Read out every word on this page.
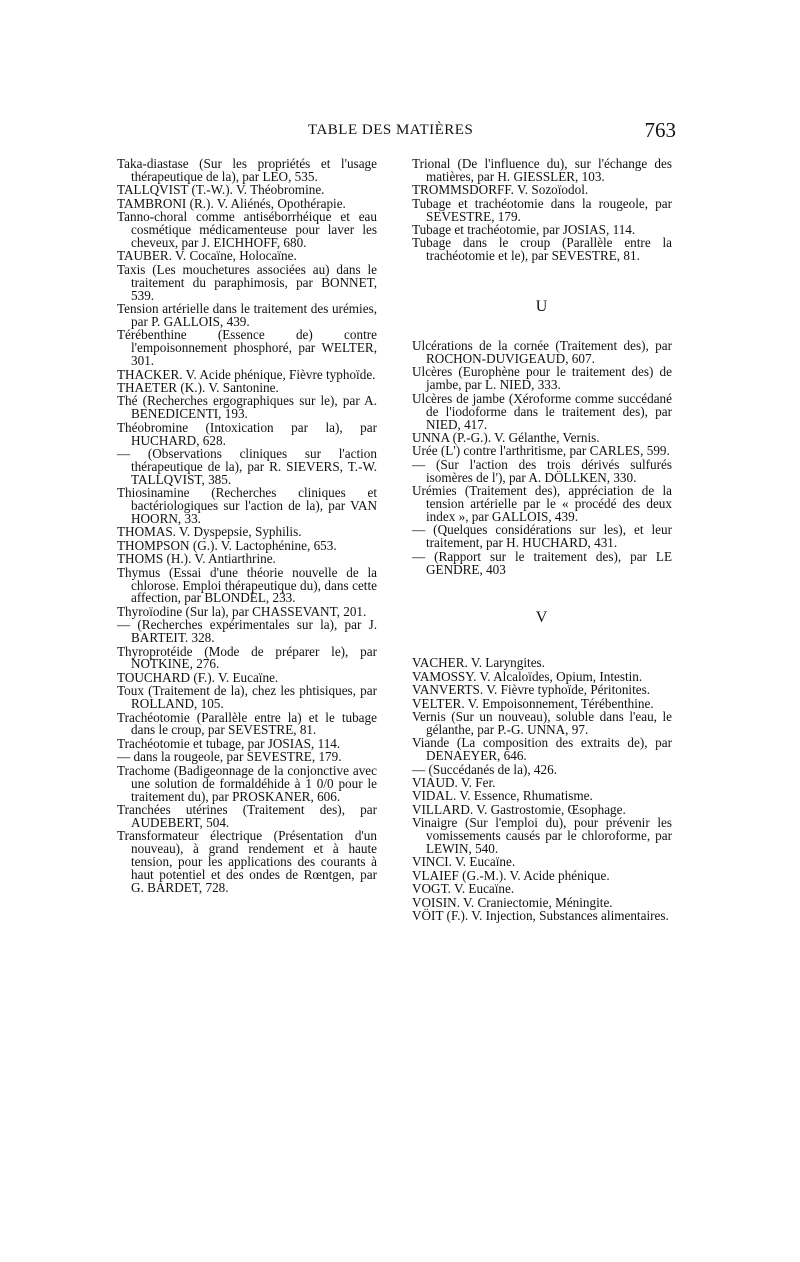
TABLE DES MATIÈRES	763

Taka-diastase (Sur les propriétés et l'usage thérapeutique de la), par LEO, 535.

TALLQVIST (T.-W.). V. Théobromine.

TAMBRONI (R.). V. Aliénés, Opothérapie.

Tanno-choral comme antiséborrhéique et eau cosmétique médicamenteuse pour laver les cheveux, par J. EICHHOFF, 680.

TAUBER. V. Cocaïne, Holocaïne.

Taxis (Les mouchetures associées au) dans le traitement du paraphimosis, par BONNET, 539.

Tension artérielle dans le traitement des urémies, par P. GALLOIS, 439.

Térébenthine (Essence de) contre l'empoisonnement phosphoré, par WELTER, 301.

THACKER. V. Acide phénique, Fièvre typhoïde.

THAETER (K.). V. Santonine.

Thé (Recherches ergographiques sur le), par A. BENEDICENTI, 193.

Théobromine (Intoxication par la), par HUCHARD, 628.

— (Observations cliniques sur l'action thérapeutique de la), par R. SIEVERS, T.-W. TALLQVIST, 385.

Thiosinamine (Recherches cliniques et bactériologiques sur l'action de la), par VAN HOORN, 33.

THOMAS. V. Dyspepsie, Syphilis.

THOMPSON (G.). V. Lactophénine, 653.

THOMS (H.). V. Antiarthrine.

Thymus (Essai d'une théorie nouvelle de la chlorose. Emploi thérapeutique du), dans cette affection, par BLONDEL, 233.

Thyroïodine (Sur la), par CHASSEVANT, 201.

— (Recherches expérimentales sur la), par J. BARTEIT. 328.

Thyroprotéide (Mode de préparer le), par NOTKINE, 276.

TOUCHARD (F.). V. Eucaïne.

Toux (Traitement de la), chez les phtisiques, par ROLLAND, 105.

Trachéotomie (Parallèle entre la) et le tubage dans le croup, par SEVESTRE, 81.

Trachéotomie et tubage, par JOSIAS, 114.

— dans la rougeole, par SEVESTRE, 179.

Trachome (Badigeonnage de la conjonctive avec une solution de formaldéhide à 1 0/0 pour le traitement du), par PROSKANER, 606.

Tranchées utérines (Traitement des), par AUDEBERT, 504.

Transformateur électrique (Présentation d'un nouveau), à grand rendement et à haute tension, pour les applications des courants à haut potentiel et des ondes de Rœntgen, par G. BARDET, 728.

Trional (De l'influence du), sur l'échange des matières, par H. GIESSLER, 103.

TROMMSDORFF. V. Sozoïodol.

Tubage et trachéotomie dans la rougeole, par SEVESTRE, 179.

Tubage et trachéotomie, par JOSIAS, 114.

Tubage dans le croup (Parallèle entre la trachéotomie et le), par SEVESTRE, 81.

U

Ulcérations de la cornée (Traitement des), par ROCHON-DUVIGEAUD, 607.

Ulcères (Europhène pour le traitement des) de jambe, par L. NIED, 333.

Ulcères de jambe (Xéroforme comme succédané de l'iodoforme dans le traitement des), par NIED, 417.

UNNA (P.-G.). V. Gélanthe, Vernis.

Urée (L') contre l'arthritisme, par CARLES, 599.

— (Sur l'action des trois dérivés sulfurés isomères de l'), par A. DÖLLKEN, 330.

Urémies (Traitement des), appréciation de la tension artérielle par le « procédé des deux index », par GALLOIS, 439.

— (Quelques considérations sur les), et leur traitement, par H. HUCHARD, 431.

— (Rapport sur le traitement des), par LE GENDRE, 403

V

VACHER. V. Laryngites.

VAMOSSY. V. Alcaloïdes, Opium, Intestin.

VANVERTS. V. Fièvre typhoïde, Péritonites.

VELTER. V. Empoisonnement, Térébenthine.

Vernis (Sur un nouveau), soluble dans l'eau, le gélanthe, par P.-G. UNNA, 97.

Viande (La composition des extraits de), par DENAEYER, 646.

— (Succédanés de la), 426.

VIAUD. V. Fer.

VIDAL. V. Essence, Rhumatisme.

VILLARD. V. Gastrostomie, Œsophage.

Vinaigre (Sur l'emploi du), pour prévenir les vomissements causés par le chloroforme, par LEWIN, 540.

VINCI. V. Eucaïne.

VLAIEF (G.-M.). V. Acide phénique.

VOGT. V. Eucaïne.

VOISIN. V. Craniectomie, Méningite.

VÖIT (F.). V. Injection, Substances alimentaires.
